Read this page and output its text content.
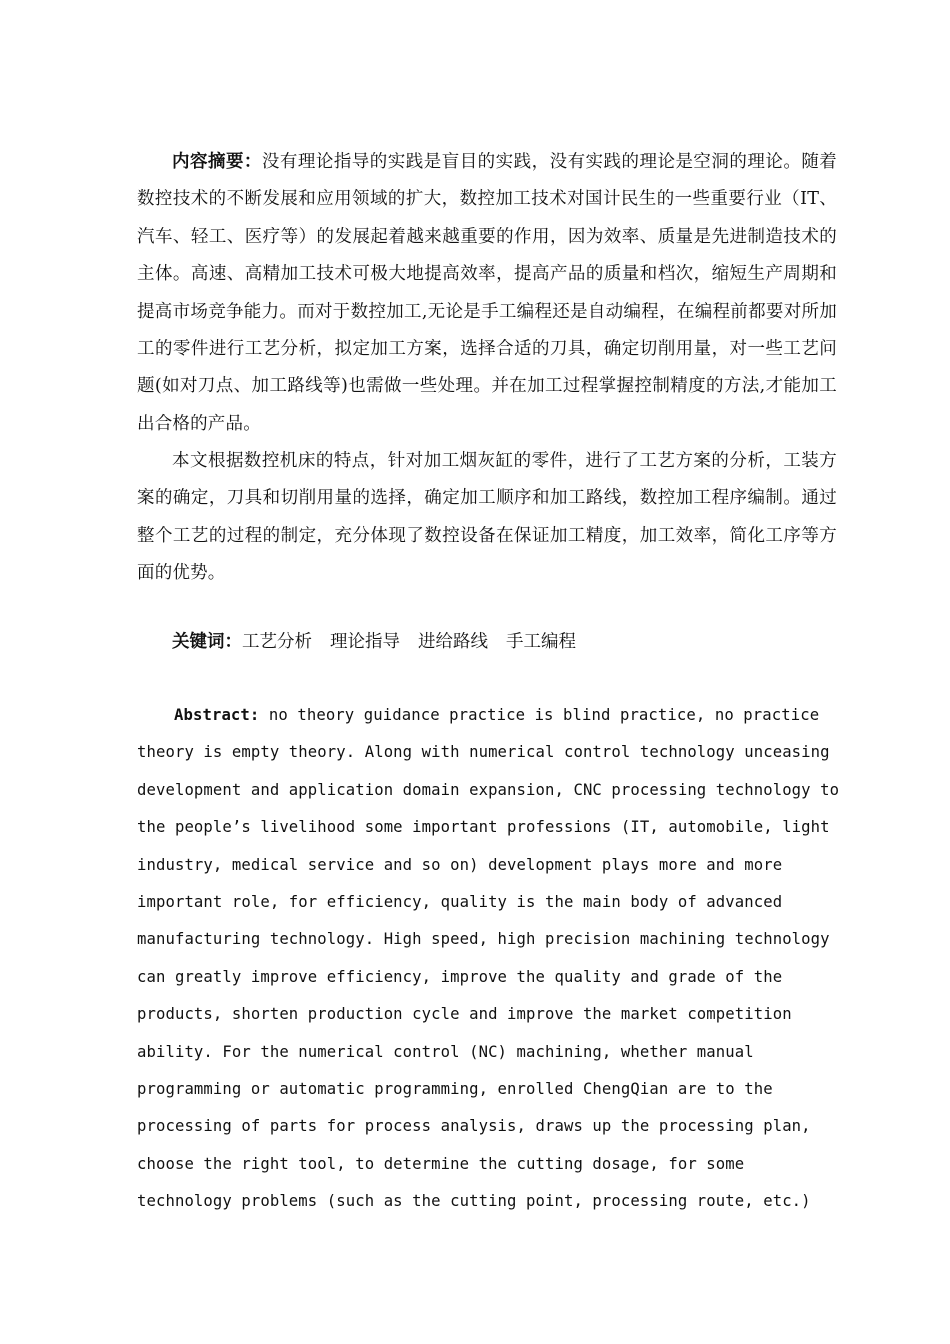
内容摘要：没有理论指导的实践是盲目的实践，没有实践的理论是空洞的理论。随着数控技术的不断发展和应用领域的扩大，数控加工技术对国计民生的一些重要行业（IT、汽车、轻工、医疗等）的发展起着越来越重要的作用，因为效率、质量是先进制造技术的主体。高速、高精加工技术可极大地提高效率，提高产品的质量和档次，缩短生产周期和提高市场竞争能力。而对于数控加工,无论是手工编程还是自动编程，在编程前都要对所加工的零件进行工艺分析，拟定加工方案，选择合适的刀具，确定切削用量，对一些工艺问题(如对刀点、加工路线等)也需做一些处理。并在加工过程掌握控制精度的方法,才能加工出合格的产品。

本文根据数控机床的特点，针对加工烟灰缸的零件，进行了工艺方案的分析，工装方案的确定，刀具和切削用量的选择，确定加工顺序和加工路线，数控加工程序编制。通过整个工艺的过程的制定，充分体现了数控设备在保证加工精度，加工效率，简化工序等方面的优势。

关键词：工艺分析 理论指导 进给路线 手工编程

Abstract: no theory guidance practice is blind practice, no practice theory is empty theory. Along with numerical control technology unceasing development and application domain expansion, CNC processing technology to the people’s livelihood some important professions (IT, automobile, light industry, medical service and so on) development plays more and more important role, for efficiency, quality is the main body of advanced manufacturing technology. High speed, high precision machining technology can greatly improve efficiency, improve the quality and grade of the products, shorten production cycle and improve the market competition ability. For the numerical control (NC) machining, whether manual programming or automatic programming, enrolled ChengQian are to the processing of parts for process analysis, draws up the processing plan, choose the right tool, to determine the cutting dosage, for some technology problems (such as the cutting point, processing route, etc.)
